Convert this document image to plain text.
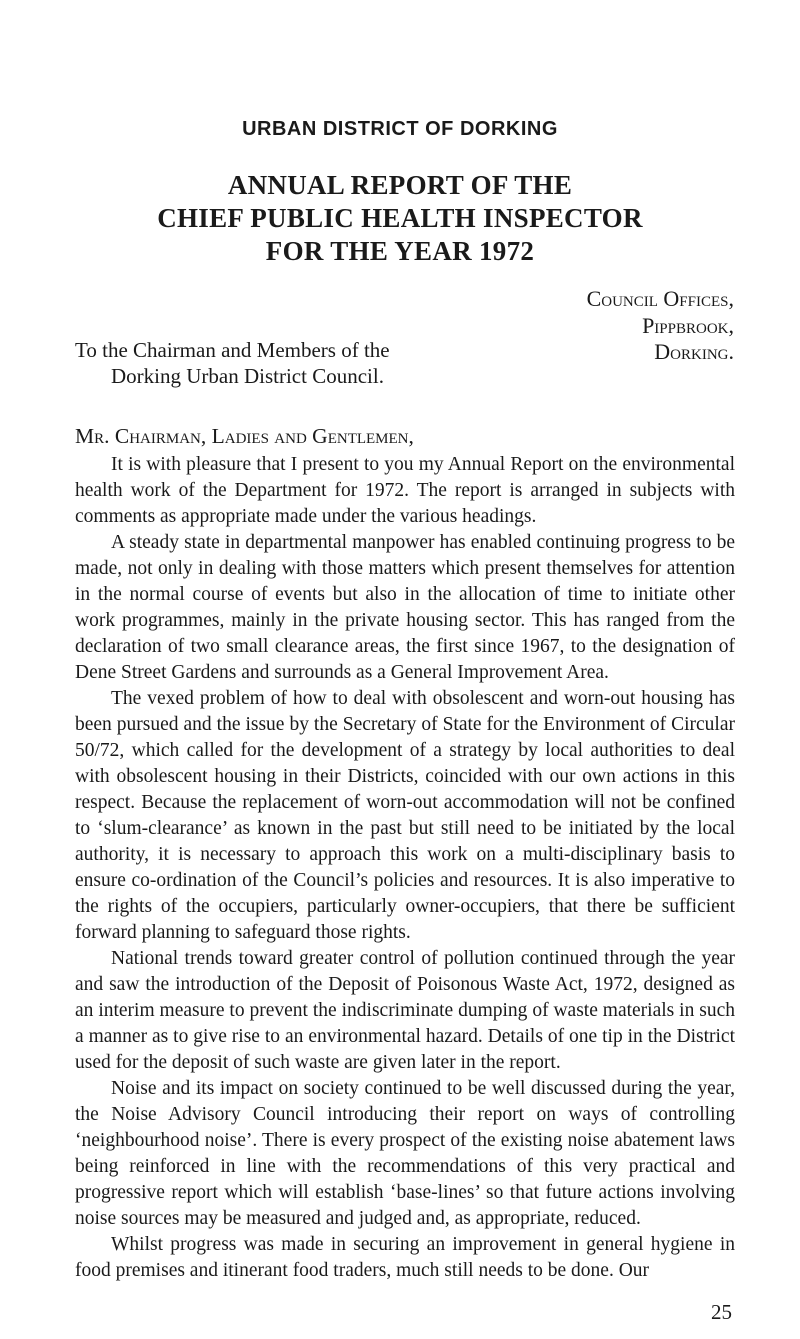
URBAN DISTRICT OF DORKING
ANNUAL REPORT OF THE
CHIEF PUBLIC HEALTH INSPECTOR
FOR THE YEAR 1972
Council Offices,
Pippbrook,
Dorking.
To the Chairman and Members of the
Dorking Urban District Council.
Mr. Chairman, Ladies and Gentlemen,

It is with pleasure that I present to you my Annual Report on the environmental health work of the Department for 1972. The report is arranged in subjects with comments as appropriate made under the various headings.

A steady state in departmental manpower has enabled continuing progress to be made, not only in dealing with those matters which present themselves for attention in the normal course of events but also in the allocation of time to initiate other work programmes, mainly in the private housing sector. This has ranged from the declaration of two small clearance areas, the first since 1967, to the designation of Dene Street Gardens and surrounds as a General Improvement Area.

The vexed problem of how to deal with obsolescent and worn-out housing has been pursued and the issue by the Secretary of State for the Environment of Circular 50/72, which called for the development of a strategy by local authorities to deal with obsolescent housing in their Districts, coincided with our own actions in this respect. Because the replacement of worn-out accommodation will not be confined to ‘slum-clearance’ as known in the past but still need to be initiated by the local authority, it is necessary to approach this work on a multi-disciplinary basis to ensure co-ordination of the Council’s policies and resources. It is also imperative to the rights of the occupiers, particularly owner-occupiers, that there be sufficient forward planning to safeguard those rights.

National trends toward greater control of pollution continued through the year and saw the introduction of the Deposit of Poisonous Waste Act, 1972, designed as an interim measure to prevent the indiscriminate dumping of waste materials in such a manner as to give rise to an environmental hazard. Details of one tip in the District used for the deposit of such waste are given later in the report.

Noise and its impact on society continued to be well discussed during the year, the Noise Advisory Council introducing their report on ways of controlling ‘neighbourhood noise’. There is every prospect of the existing noise abatement laws being reinforced in line with the recommendations of this very practical and progressive report which will establish ‘base-lines’ so that future actions involving noise sources may be measured and judged and, as appropriate, reduced.

Whilst progress was made in securing an improvement in general hygiene in food premises and itinerant food traders, much still needs to be done. Our

25
